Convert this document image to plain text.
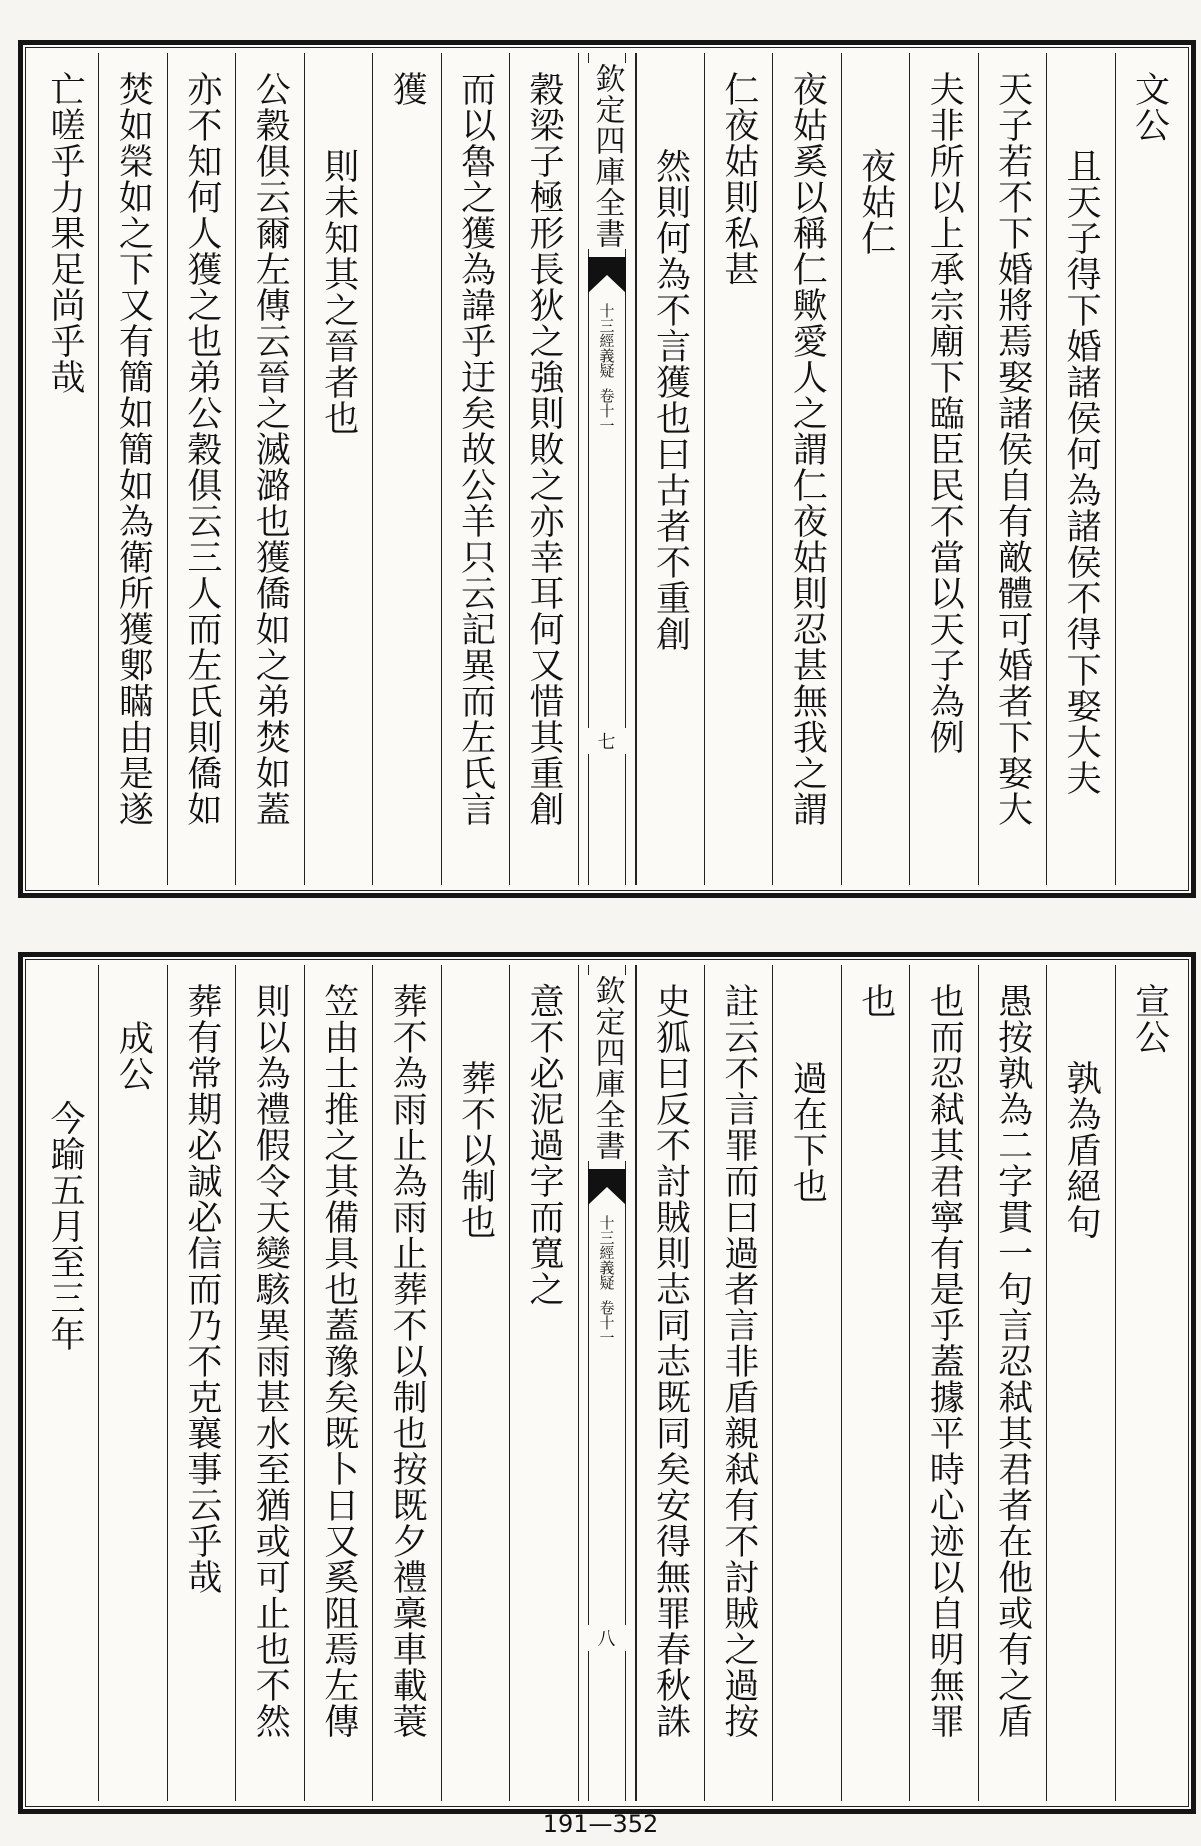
文公
且天子得下婚諸侯何為諸侯不得下娶大夫
天子若不下婚將焉娶諸侯自有敵體可婚者下娶大
夫非所以上承宗廟下臨臣民不當以天子為例
夜姑仁
夜姑奚以稱仁歟愛人之謂仁夜姑則忍甚無我之謂
仁夜姑則私甚
然則何為不言獲也曰古者不重創
欽定四庫全書
十三經義疑
卷十一
七
穀梁子極形長狄之強則敗之亦幸耳何又惜其重創
而以魯之獲為諱乎迂矣故公羊只云記異而左氏言
獲
則未知其之晉者也
公穀俱云爾左傳云晉之滅潞也獲僑如之弟焚如蓋
亦不知何人獲之也弟公穀俱云三人而左氏則僑如
焚如榮如之下又有簡如簡如為衛所獲鄋瞞由是遂
亡嗟乎力果足尚乎哉
宣公
孰為盾絕句
愚按孰為二字貫一句言忍弒其君者在他或有之盾
也而忍弒其君寧有是乎蓋據平時心迹以自明無罪
也
過在下也
註云不言罪而曰過者言非盾親弒有不討賊之過按
史狐曰反不討賊則志同志既同矣安得無罪春秋誅
欽定四庫全書
十三經義疑
卷十一
八
意不必泥過字而寬之
葬不以制也
葬不為雨止為雨止葬不以制也按既夕禮稾車載蓑
笠由士推之其備具也蓋豫矣既卜日又奚阻焉左傳
則以為禮假令天變駭異雨甚水至猶或可止也不然
葬有常期必誠必信而乃不克襄事云乎哉
成公
今踰五月至三年
191—352
